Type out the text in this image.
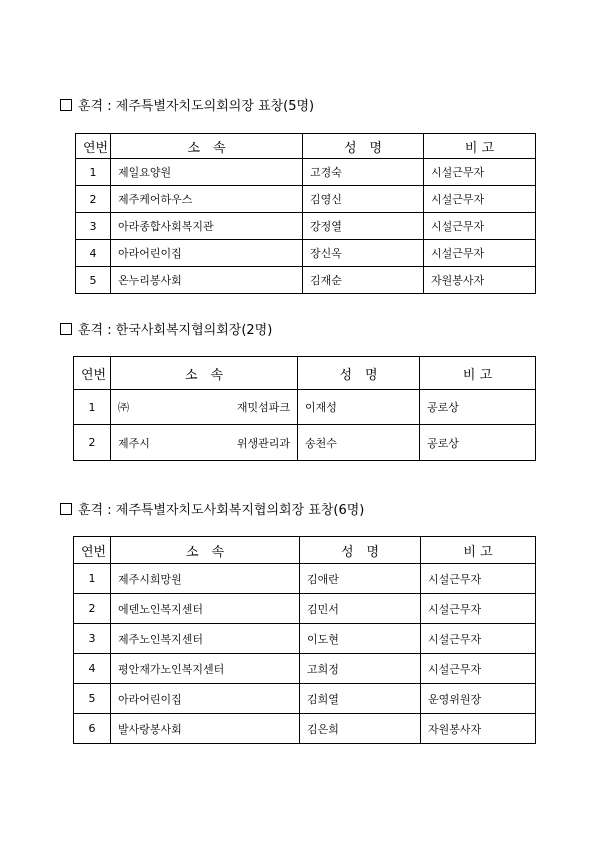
훈격 : 제주특별자치도의회의장 표창(5명)
연번	소　속	성　명	비 고
1	제일요양원	고경숙	시설근무자
2	제주케어하우스	김영신	시설근무자
3	아라종합사회복지관	강정열	시설근무자
4	아라어린이집	장신옥	시설근무자
5	온누리봉사회	김재순	자원봉사자
훈격 : 한국사회복지협의회장(2명)
연번	소　속	성　명	비 고
1	㈜재밋섬파크	이재성	공로상
2	제주시 위생관리과	송천수	공로상
훈격 : 제주특별자치도사회복지협의회장 표창(6명)
연번	소　속	성　명	비 고
1	제주시희망원	김애란	시설근무자
2	에덴노인복지센터	김민서	시설근무자
3	제주노인복지센터	이도현	시설근무자
4	평안재가노인복지센터	고희정	시설근무자
5	아라어린이집	김희열	운영위원장
6	발사랑봉사회	김은희	자원봉사자
